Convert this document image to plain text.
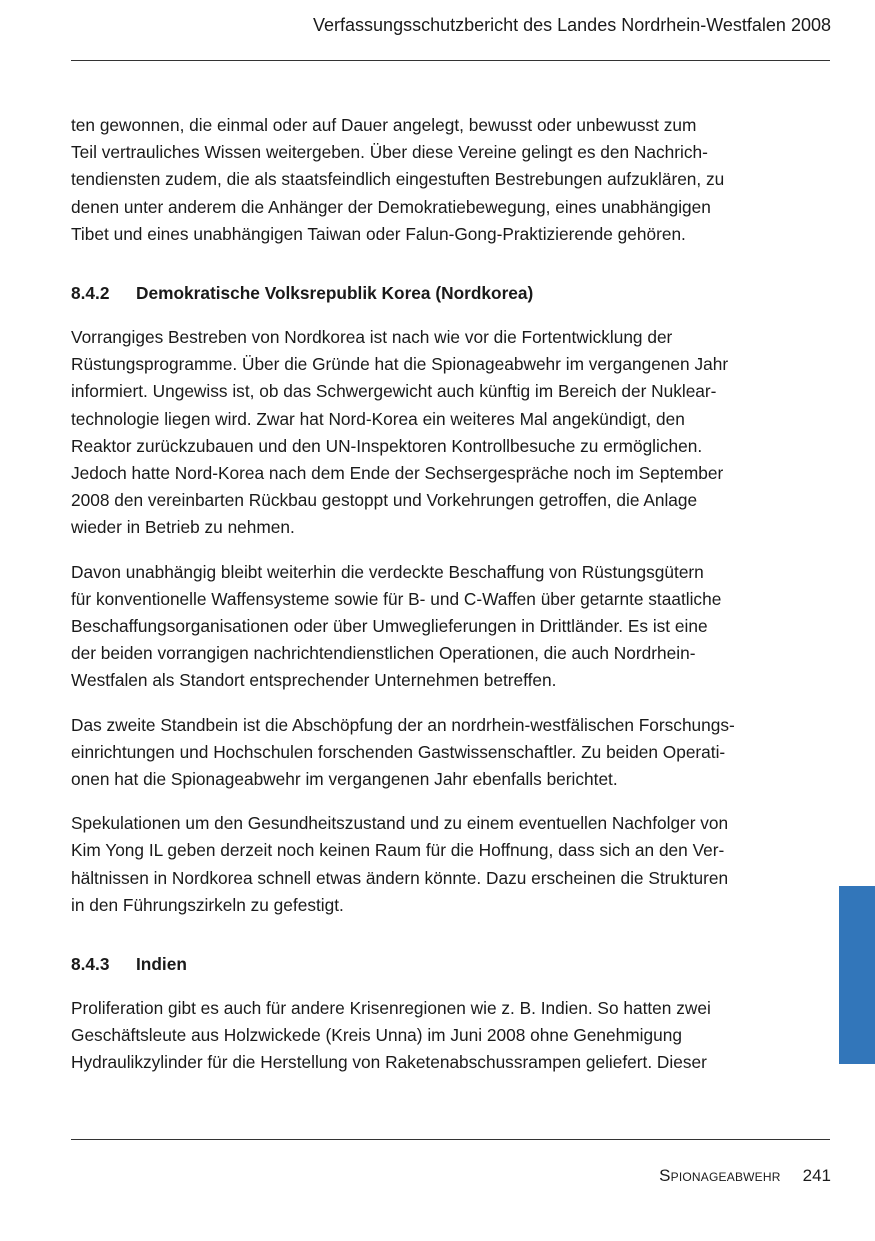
Verfassungsschutzbericht des Landes Nordrhein-Westfalen 2008

ten gewonnen, die einmal oder auf Dauer angelegt, bewusst oder unbewusst zum
Teil vertrauliches Wissen weitergeben. Über diese Vereine gelingt es den Nachrich-
tendiensten zudem, die als staatsfeindlich eingestuften Bestrebungen aufzuklären, zu
denen unter anderem die Anhänger der Demokratiebewegung, eines unabhängigen
Tibet und eines unabhängigen Taiwan oder Falun-Gong-Praktizierende gehören.

8.4.2 Demokratische Volksrepublik Korea (Nordkorea)

Vorrangiges Bestreben von Nordkorea ist nach wie vor die Fortentwicklung der
Rüstungsprogramme. Über die Gründe hat die Spionageabwehr im vergangenen Jahr
informiert. Ungewiss ist, ob das Schwergewicht auch künftig im Bereich der Nuklear-
technologie liegen wird. Zwar hat Nord-Korea ein weiteres Mal angekündigt, den
Reaktor zurückzubauen und den UN-Inspektoren Kontrollbesuche zu ermöglichen.
Jedoch hatte Nord-Korea nach dem Ende der Sechsergespräche noch im September
2008 den vereinbarten Rückbau gestoppt und Vorkehrungen getroffen, die Anlage
wieder in Betrieb zu nehmen.

Davon unabhängig bleibt weiterhin die verdeckte Beschaffung von Rüstungsgütern
für konventionelle Waffensysteme sowie für B- und C-Waffen über getarnte staatliche
Beschaffungsorganisationen oder über Umweglieferungen in Drittländer. Es ist eine
der beiden vorrangigen nachrichtendienstlichen Operationen, die auch Nordrhein-
Westfalen als Standort entsprechender Unternehmen betreffen.

Das zweite Standbein ist die Abschöpfung der an nordrhein-westfälischen Forschungs-
einrichtungen und Hochschulen forschenden Gastwissenschaftler. Zu beiden Operati-
onen hat die Spionageabwehr im vergangenen Jahr ebenfalls berichtet.

Spekulationen um den Gesundheitszustand und zu einem eventuellen Nachfolger von
Kim Yong IL geben derzeit noch keinen Raum für die Hoffnung, dass sich an den Ver-
hältnissen in Nordkorea schnell etwas ändern könnte. Dazu erscheinen die Strukturen
in den Führungszirkeln zu gefestigt.

8.4.3 Indien

Proliferation gibt es auch für andere Krisenregionen wie z. B. Indien. So hatten zwei
Geschäftsleute aus Holzwickede (Kreis Unna) im Juni 2008 ohne Genehmigung
Hydraulikzylinder für die Herstellung von Raketenabschussrampen geliefert. Dieser

Spionageabwehr 241
